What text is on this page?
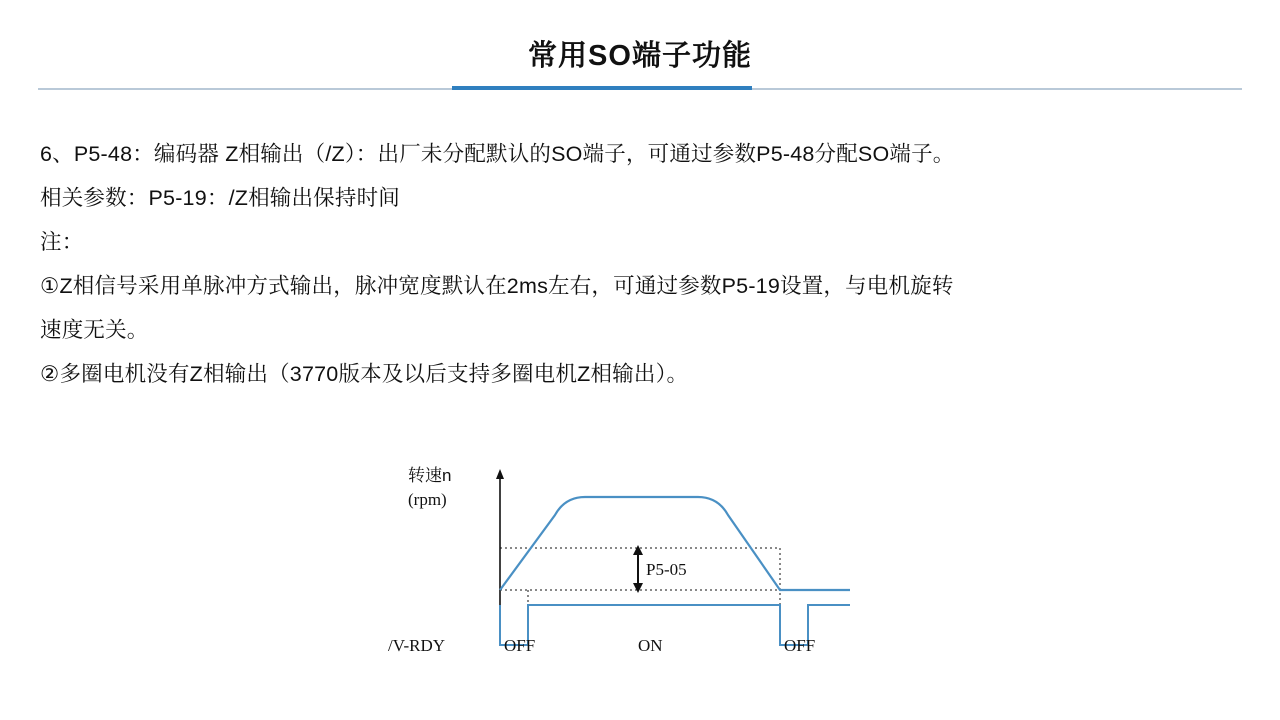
常用SO端子功能
6、P5-48：编码器 Z相输出（/Z）：出厂未分配默认的SO端子，可通过参数P5-48分配SO端子。
相关参数：P5-19：/Z相输出保持时间
注：
①Z相信号采用单脉冲方式输出，脉冲宽度默认在2ms左右，可通过参数P5-19设置，与电机旋转
速度无关。
②多圈电机没有Z相输出（3770版本及以后支持多圈电机Z相输出）。
转速n
(rpm)
P5-05
/V-RDY	OFF	ON	OFF
